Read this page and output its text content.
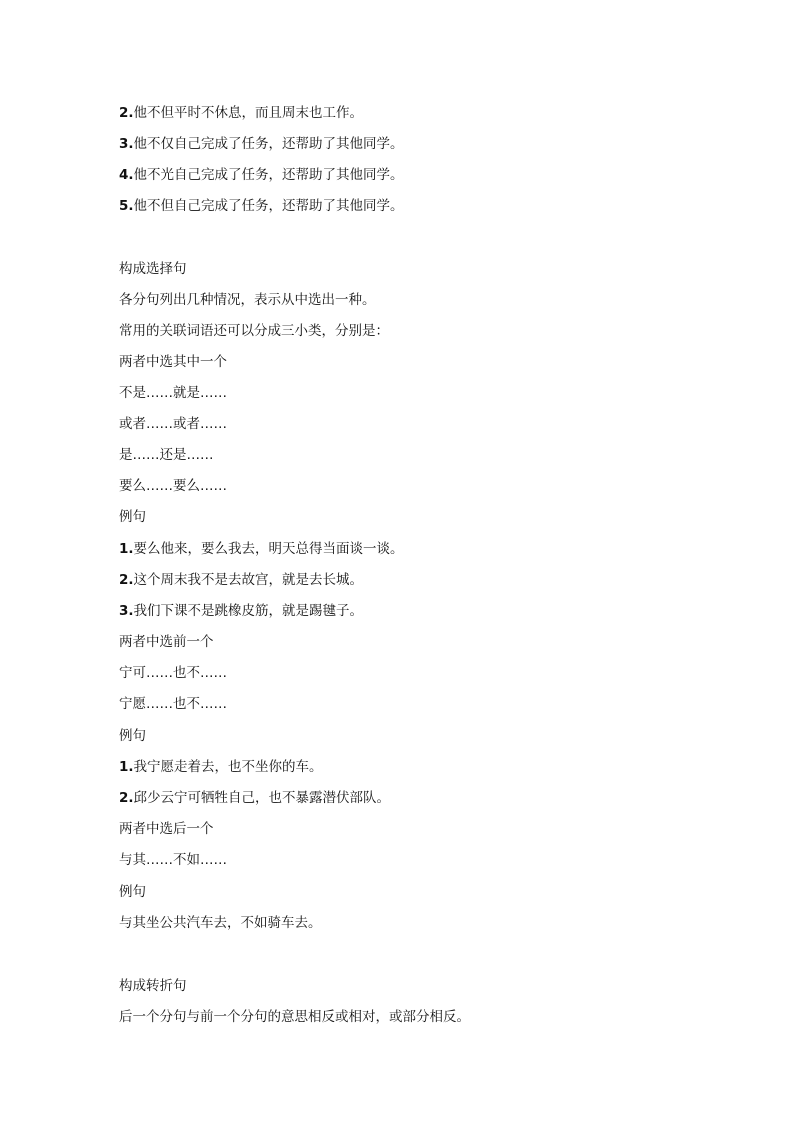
2.他不但平时不休息，而且周末也工作。
3.他不仅自己完成了任务，还帮助了其他同学。
4.他不光自己完成了任务，还帮助了其他同学。
5.他不但自己完成了任务，还帮助了其他同学。
构成选择句
各分句列出几种情况，表示从中选出一种。
常用的关联词语还可以分成三小类，分别是：
两者中选其中一个
不是……就是……
或者……或者……
是……还是……
要么……要么……
例句
1.要么他来，要么我去，明天总得当面谈一谈。
2.这个周末我不是去故宫，就是去长城。
3.我们下课不是跳橡皮筋，就是踢毽子。
两者中选前一个
宁可……也不……
宁愿……也不……
例句
1.我宁愿走着去，也不坐你的车。
2.邱少云宁可牺牲自己，也不暴露潜伏部队。
两者中选后一个
与其……不如……
例句
与其坐公共汽车去，不如骑车去。
构成转折句
后一个分句与前一个分句的意思相反或相对，或部分相反。
